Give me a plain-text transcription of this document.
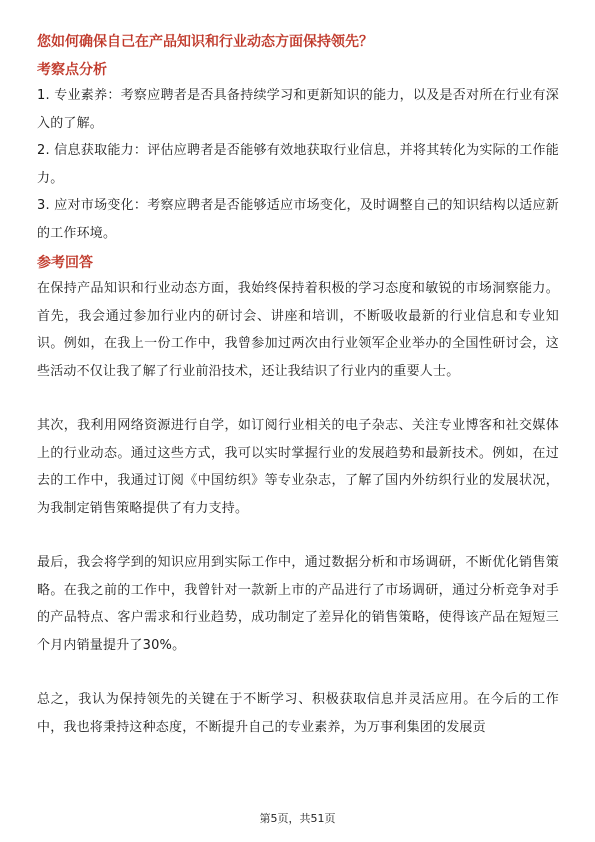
您如何确保自己在产品知识和行业动态方面保持领先？

考察点分析

1. 专业素养：考察应聘者是否具备持续学习和更新知识的能力，以及是否对所在行业有深入的了解。

2. 信息获取能力：评估应聘者是否能够有效地获取行业信息，并将其转化为实际的工作能力。

3. 应对市场变化：考察应聘者是否能够适应市场变化，及时调整自己的知识结构以适应新的工作环境。

参考回答

在保持产品知识和行业动态方面，我始终保持着积极的学习态度和敏锐的市场洞察能力。首先，我会通过参加行业内的研讨会、讲座和培训，不断吸收最新的行业信息和专业知识。例如，在我上一份工作中，我曾参加过两次由行业领军企业举办的全国性研讨会，这些活动不仅让我了解了行业前沿技术，还让我结识了行业内的重要人士。

其次，我利用网络资源进行自学，如订阅行业相关的电子杂志、关注专业博客和社交媒体上的行业动态。通过这些方式，我可以实时掌握行业的发展趋势和最新技术。例如，在过去的工作中，我通过订阅《中国纺织》等专业杂志，了解了国内外纺织行业的发展状况，为我制定销售策略提供了有力支持。

最后，我会将学到的知识应用到实际工作中，通过数据分析和市场调研，不断优化销售策略。在我之前的工作中，我曾针对一款新上市的产品进行了市场调研，通过分析竞争对手的产品特点、客户需求和行业趋势，成功制定了差异化的销售策略，使得该产品在短短三个月内销量提升了30%。

总之，我认为保持领先的关键在于不断学习、积极获取信息并灵活应用。在今后的工作中，我也将秉持这种态度，不断提升自己的专业素养，为万事利集团的发展贡

第5页，共51页
